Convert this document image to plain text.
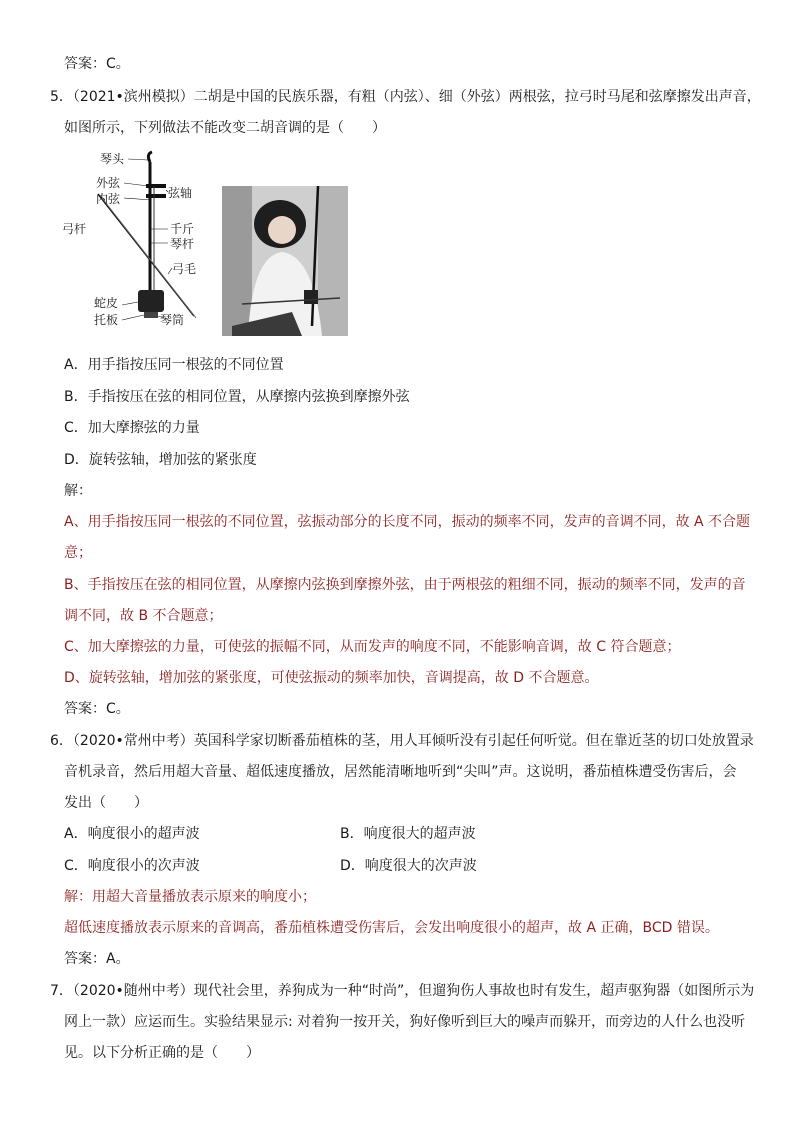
答案：C。
5．（2021•滨州模拟）二胡是中国的民族乐器，有粗（内弦）、细（外弦）两根弦，拉弓时马尾和弦摩擦发出声音，
如图所示，下列做法不能改变二胡音调的是（　　）
琴头
外弦
内弦	弦轴
弓杆	千斤
琴杆
弓毛
蛇皮
托板	琴筒
A．用手指按压同一根弦的不同位置
B．手指按压在弦的相同位置，从摩擦内弦换到摩擦外弦
C．加大摩擦弦的力量
D．旋转弦轴，增加弦的紧张度
解：
A、用手指按压同一根弦的不同位置，弦振动部分的长度不同，振动的频率不同，发声的音调不同，故 A 不合题
意；
B、手指按压在弦的相同位置，从摩擦内弦换到摩擦外弦，由于两根弦的粗细不同，振动的频率不同，发声的音
调不同，故 B 不合题意；
C、加大摩擦弦的力量，可使弦的振幅不同，从而发声的响度不同，不能影响音调，故 C 符合题意；
D、旋转弦轴，增加弦的紧张度，可使弦振动的频率加快，音调提高，故 D 不合题意。
答案：C。
6．（2020•常州中考）英国科学家切断番茄植株的茎，用人耳倾听没有引起任何听觉。但在靠近茎的切口处放置录
音机录音，然后用超大音量、超低速度播放，居然能清晰地听到“尖叫”声。这说明，番茄植株遭受伤害后，会
发出（　　）
A．响度很小的超声波	B．响度很大的超声波
C．响度很小的次声波	D．响度很大的次声波
解：用超大音量播放表示原来的响度小；
超低速度播放表示原来的音调高，番茄植株遭受伤害后，会发出响度很小的超声，故 A 正确，BCD 错误。
答案：A。
7．（2020•随州中考）现代社会里，养狗成为一种“时尚”，但遛狗伤人事故也时有发生，超声驱狗器（如图所示为
网上一款）应运而生。实验结果显示: 对着狗一按开关，狗好像听到巨大的噪声而躲开，而旁边的人什么也没听
见。以下分析正确的是（　　）
